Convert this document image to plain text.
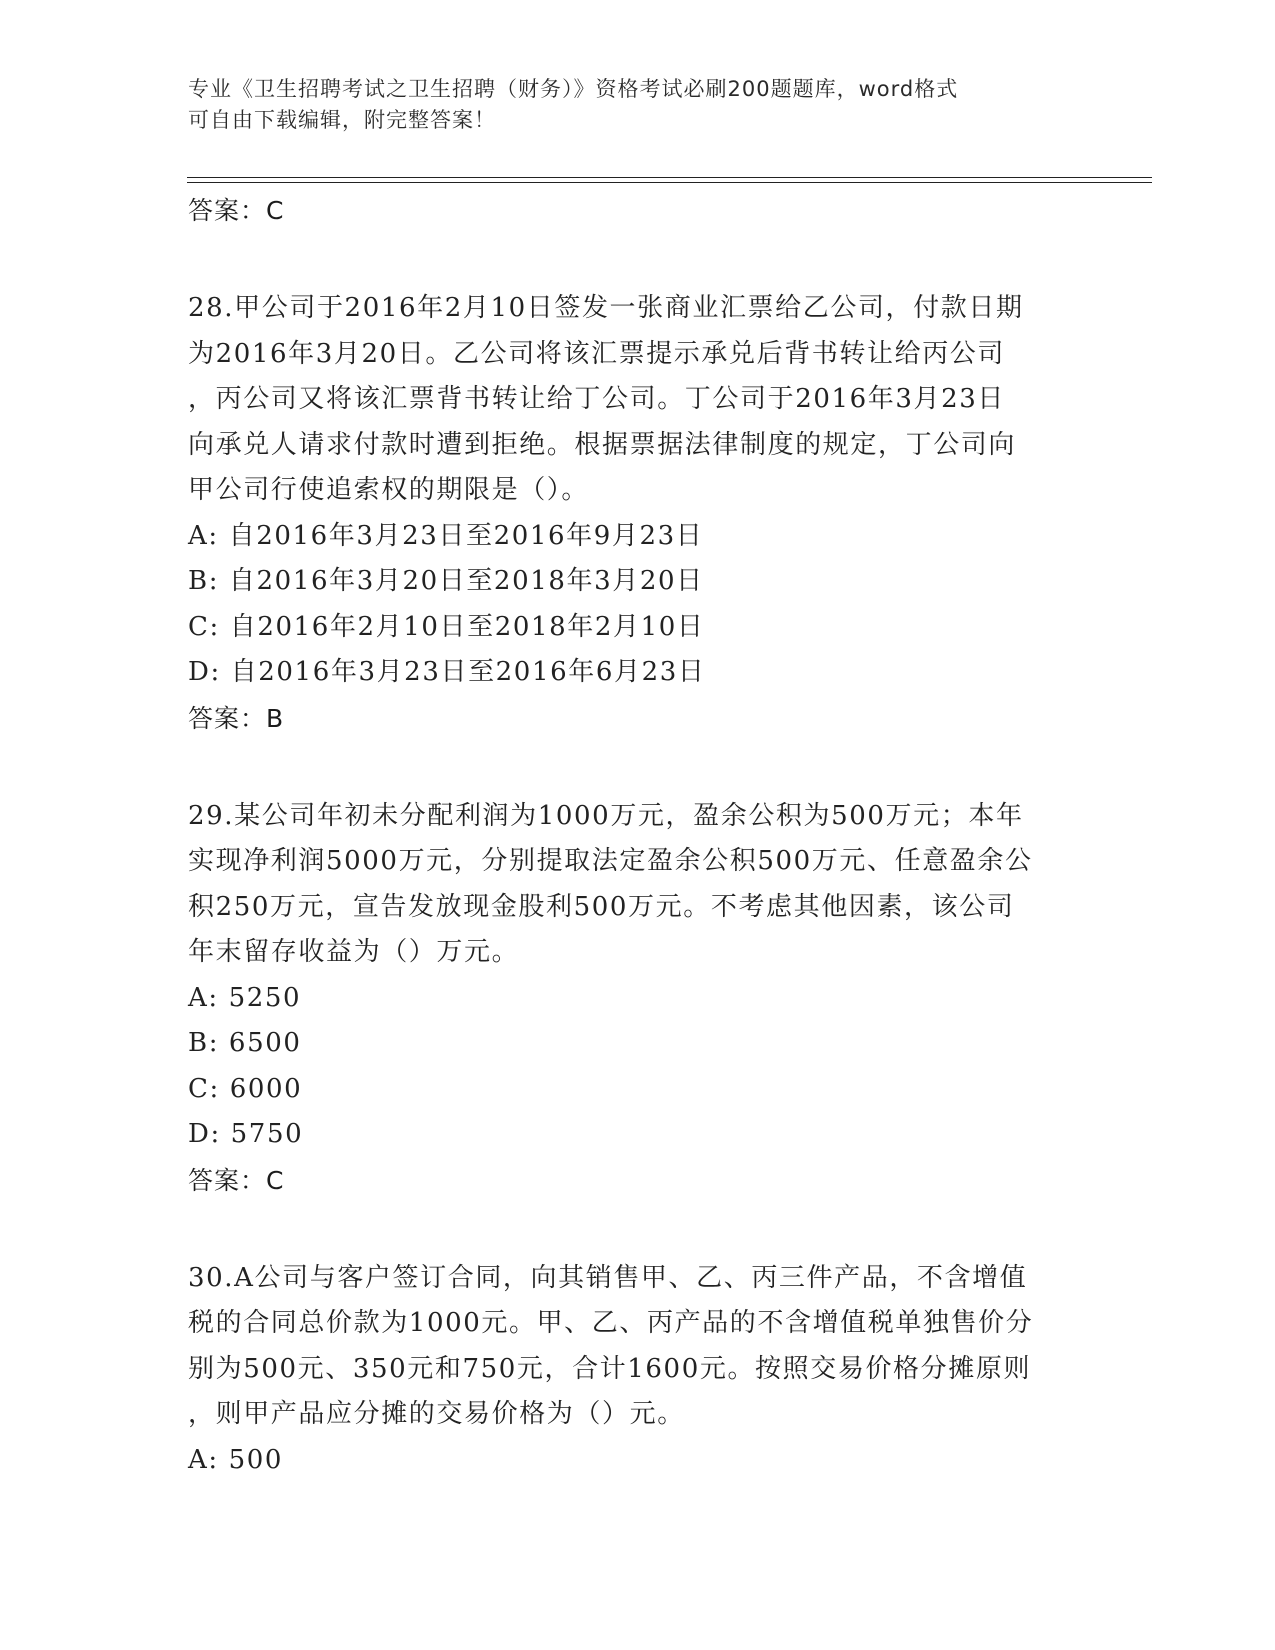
专业《卫生招聘考试之卫生招聘（财务）》资格考试必刷200题题库，word格式
可自由下载编辑，附完整答案！

答案：C

28.甲公司于2016年2月10日签发一张商业汇票给乙公司，付款日期

为2016年3月20日。乙公司将该汇票提示承兑后背书转让给丙公司

，丙公司又将该汇票背书转让给丁公司。丁公司于2016年3月23日

向承兑人请求付款时遭到拒绝。根据票据法律制度的规定，丁公司向

甲公司行使追索权的期限是（）。

A: 自2016年3月23日至2016年9月23日

B: 自2016年3月20日至2018年3月20日

C: 自2016年2月10日至2018年2月10日

D: 自2016年3月23日至2016年6月23日

答案：B

29.某公司年初未分配利润为1000万元，盈余公积为500万元；本年

实现净利润5000万元，分别提取法定盈余公积500万元、任意盈余公

积250万元，宣告发放现金股利500万元。不考虑其他因素，该公司

年末留存收益为（）万元。

A: 5250

B: 6500

C: 6000

D: 5750

答案：C

30.A公司与客户签订合同，向其销售甲、乙、丙三件产品，不含增值

税的合同总价款为1000元。甲、乙、丙产品的不含增值税单独售价分

别为500元、350元和750元，合计1600元。按照交易价格分摊原则

，则甲产品应分摊的交易价格为（）元。

A: 500
